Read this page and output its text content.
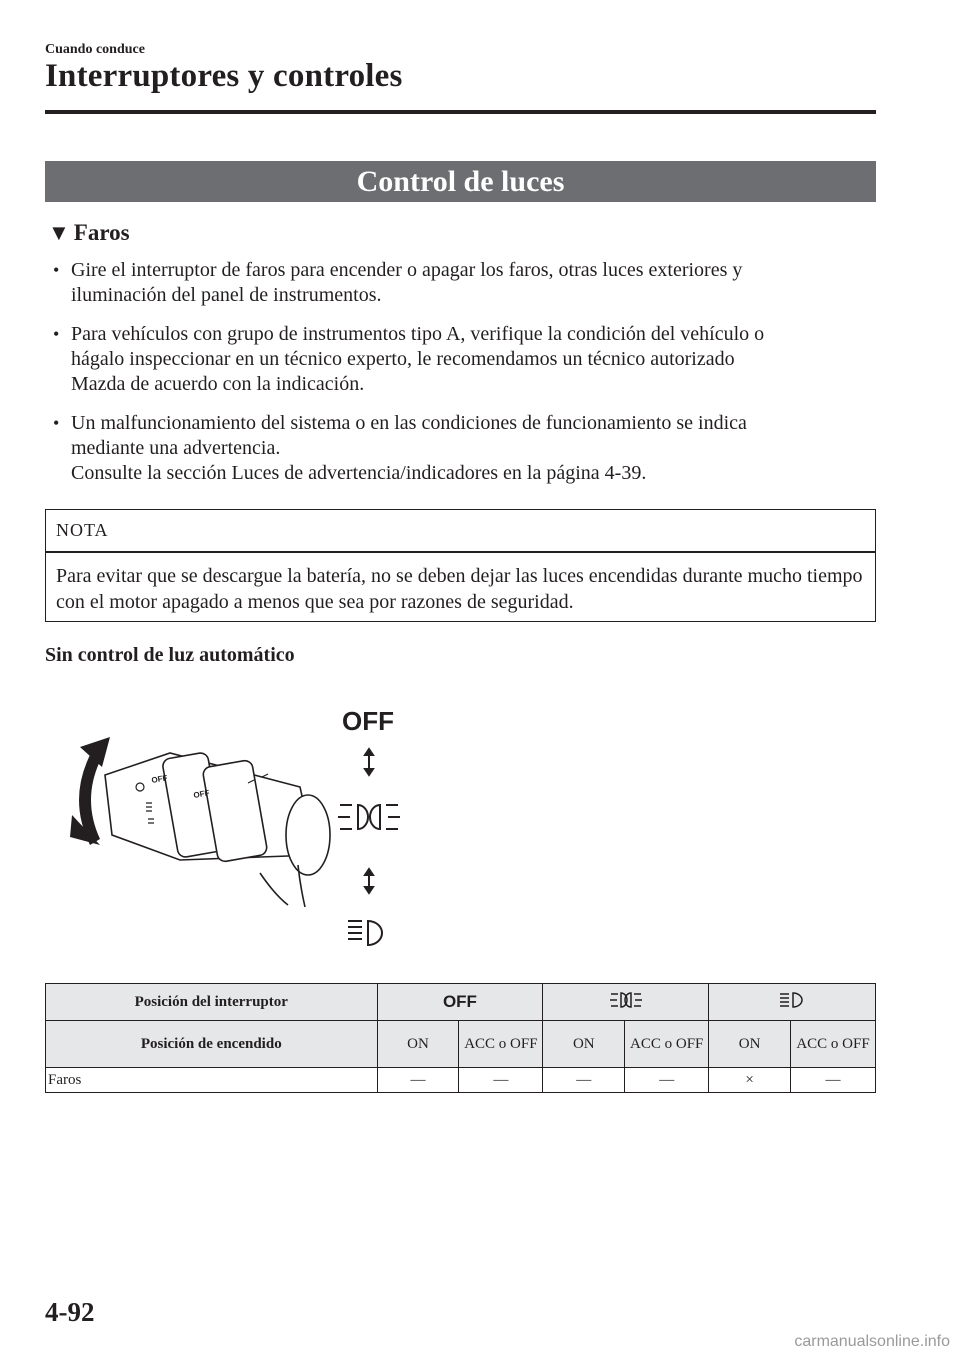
Cuando conduce
Interruptores y controles
Control de luces
▼ Faros
• Gire el interruptor de faros para encender o apagar los faros, otras luces exteriores y
iluminación del panel de instrumentos.
• Para vehículos con grupo de instrumentos tipo A, verifique la condición del vehículo o
hágalo inspeccionar en un técnico experto, le recomendamos un técnico autorizado
Mazda de acuerdo con la indicación.
• Un malfuncionamiento del sistema o en las condiciones de funcionamiento se indica
mediante una advertencia.
Consulte la sección Luces de advertencia/indicadores en la página 4-39.
NOTA
Para evitar que se descargue la batería, no se deben dejar las luces encendidas durante mucho tiempo con el motor apagado a menos que sea por razones de seguridad.
Sin control de luz automático
OFF
OFF
OFF
Posición del interruptor	OFF		
Posición de encendido	ON	ACC o OFF	ON	ACC o OFF	ON	ACC o OFF
Faros	—	—	—	—	×	—
4-92
carmanualsonline.info
